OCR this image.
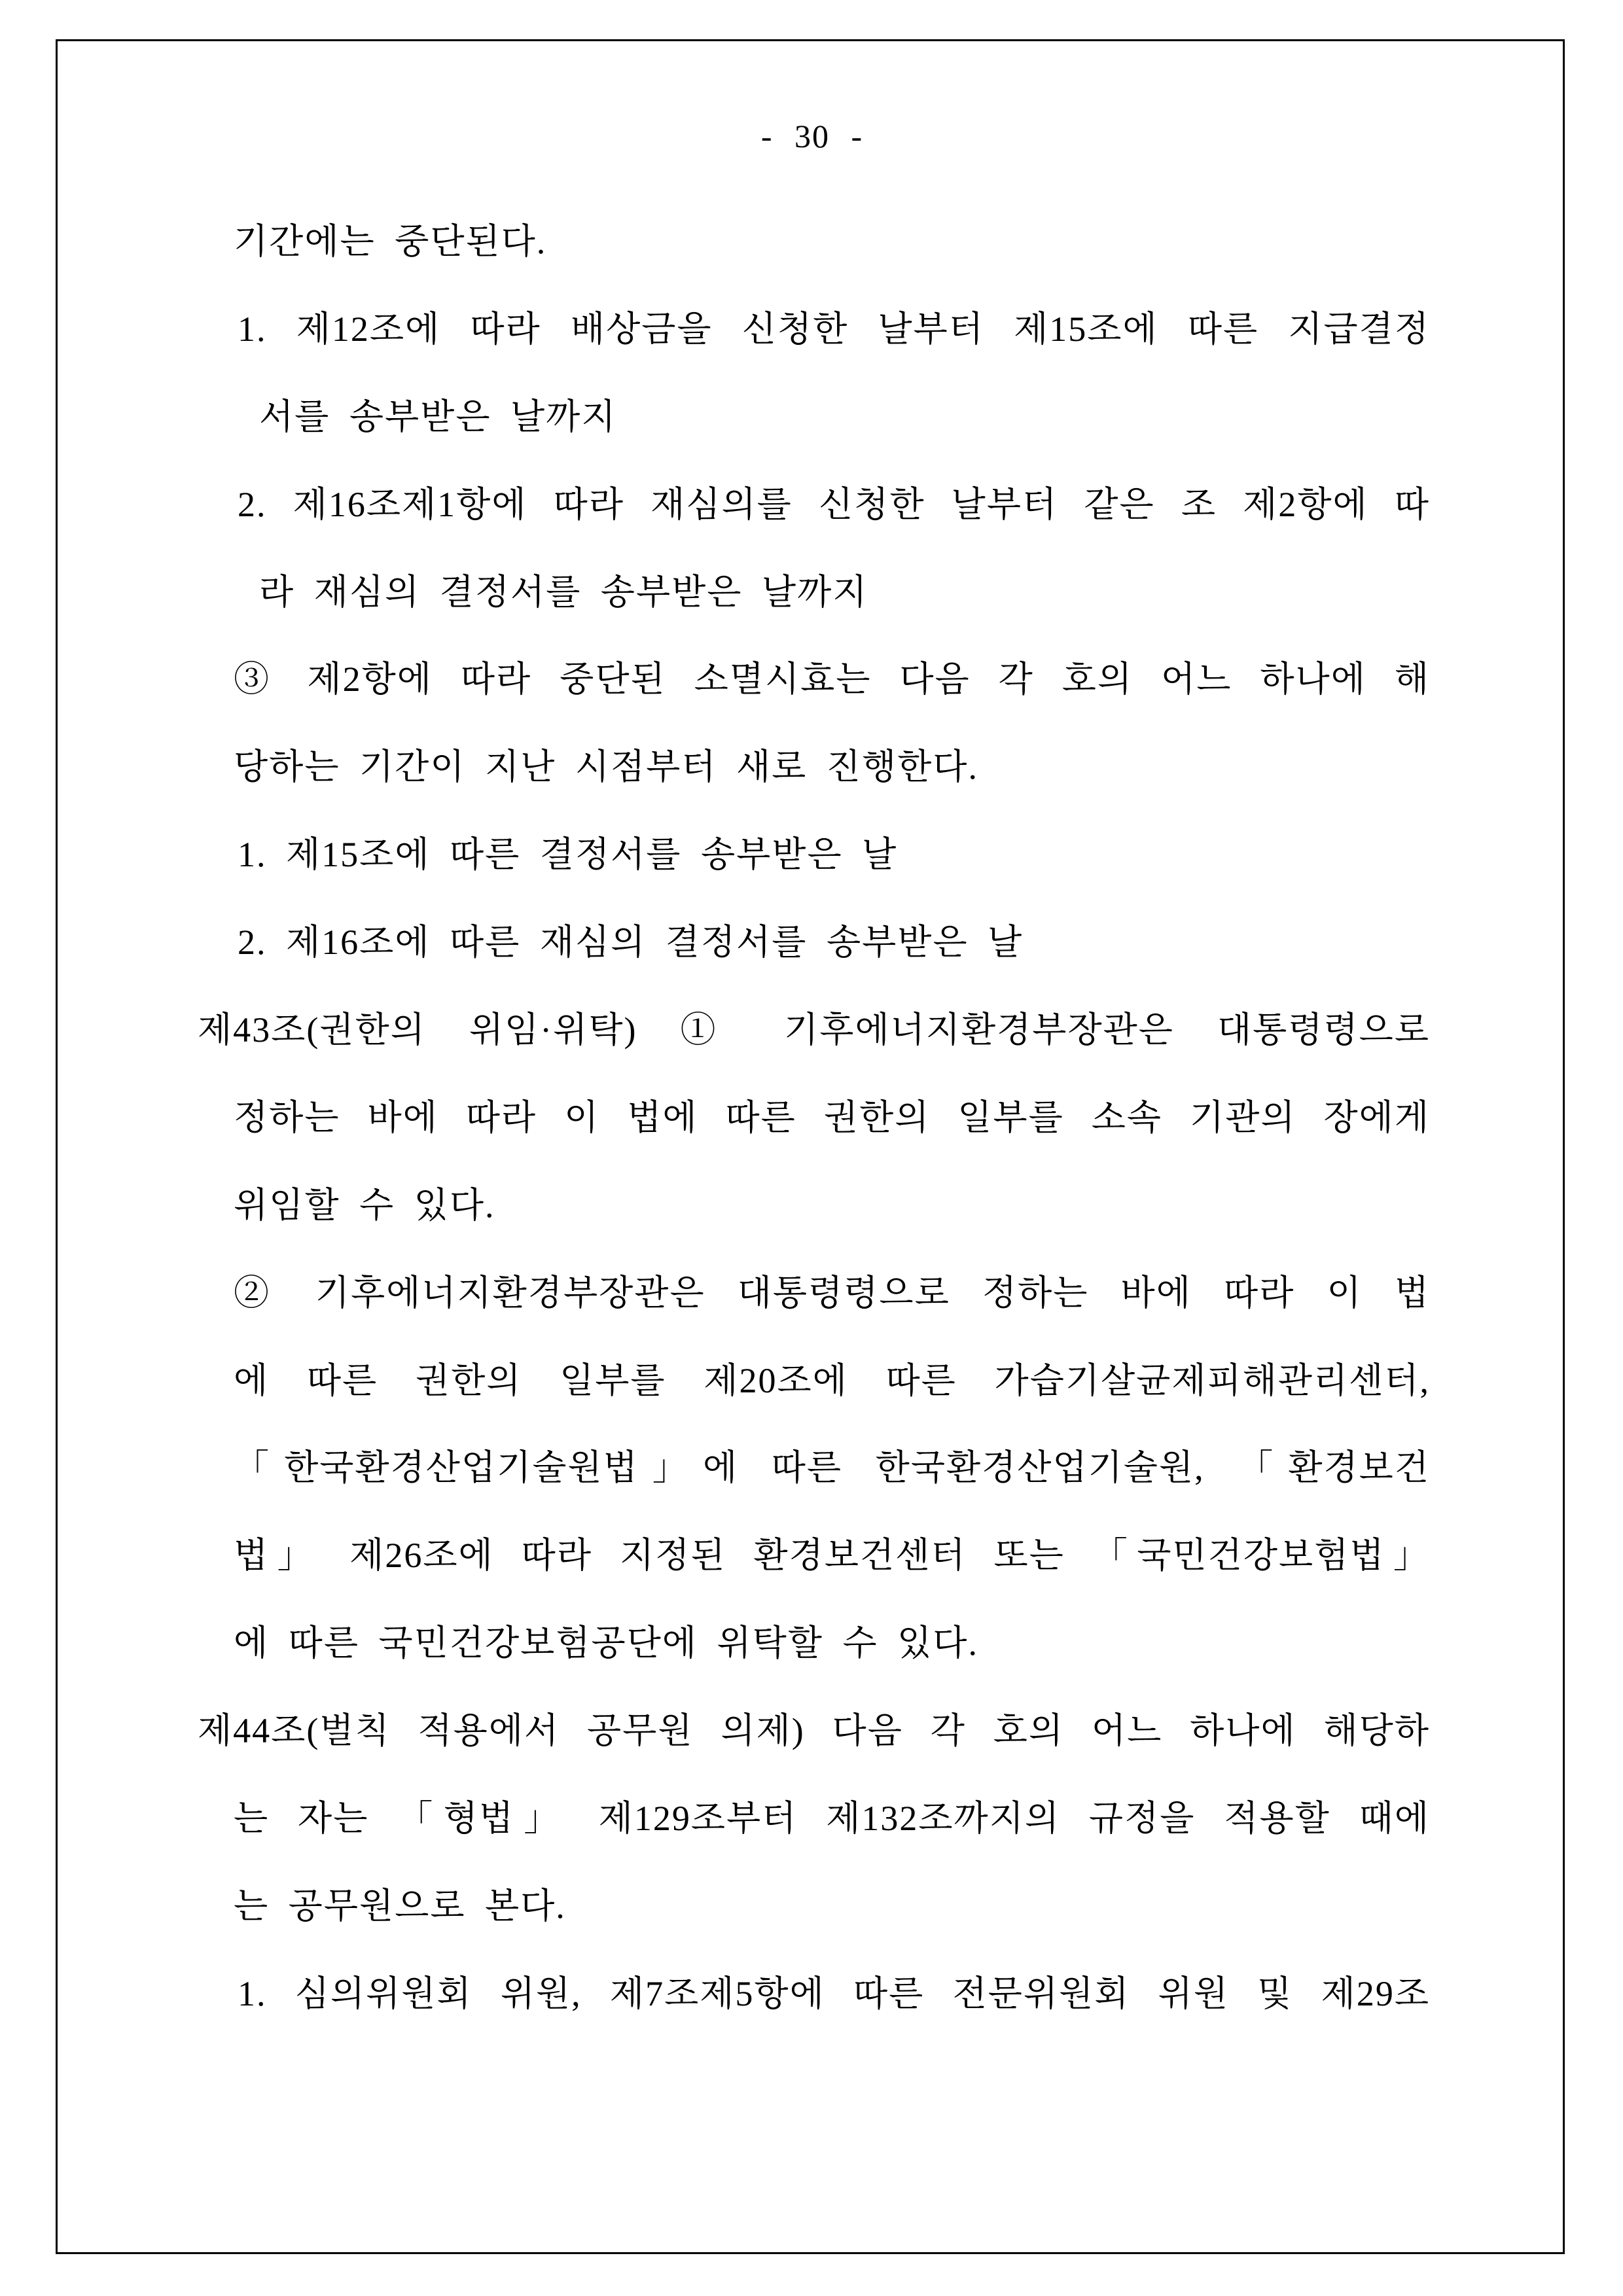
- 30 -
기간에는 중단된다.
1. 제12조에 따라 배상금을 신청한 날부터 제15조에 따른 지급결정
서를 송부받은 날까지
2. 제16조제1항에 따라 재심의를 신청한 날부터 같은 조 제2항에 따
라 재심의 결정서를 송부받은 날까지
③ 제2항에 따라 중단된 소멸시효는 다음 각 호의 어느 하나에 해
당하는 기간이 지난 시점부터 새로 진행한다.
1. 제15조에 따른 결정서를 송부받은 날
2. 제16조에 따른 재심의 결정서를 송부받은 날
제43조(권한의 위임·위탁) ① 기후에너지환경부장관은 대통령령으로
정하는 바에 따라 이 법에 따른 권한의 일부를 소속 기관의 장에게
위임할 수 있다.
② 기후에너지환경부장관은 대통령령으로 정하는 바에 따라 이 법
에 따른 권한의 일부를 제20조에 따른 가습기살균제피해관리센터,
「한국환경산업기술원법」에 따른 한국환경산업기술원, 「환경보건
법」 제26조에 따라 지정된 환경보건센터 또는 「국민건강보험법」
에 따른 국민건강보험공단에 위탁할 수 있다.
제44조(벌칙 적용에서 공무원 의제) 다음 각 호의 어느 하나에 해당하
는 자는 「형법」 제129조부터 제132조까지의 규정을 적용할 때에
는 공무원으로 본다.
1. 심의위원회 위원, 제7조제5항에 따른 전문위원회 위원 및 제29조
